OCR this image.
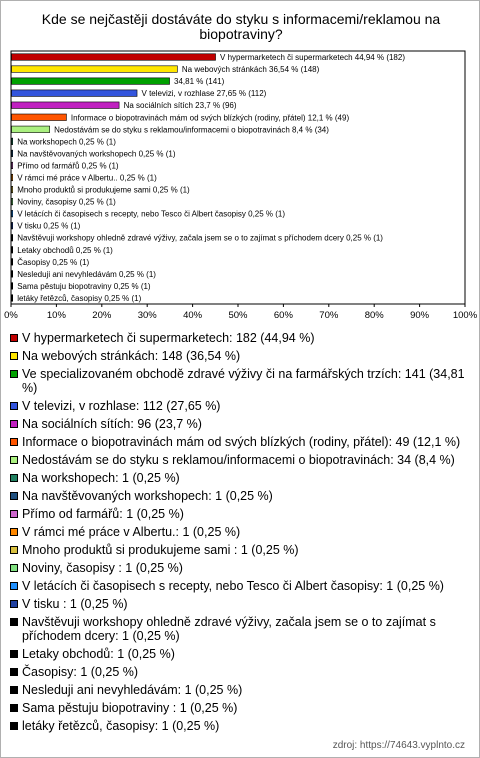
Kde se nejčastěji dostáváte do styku s informacemi/reklamou na biopotraviny?
V hypermarketech či supermarketech 44,94 % (182)
Na webových stránkách 36,54 % (148)
34,81 % (141)
V televizi, v rozhlase 27,65 % (112)
Na sociálních sítích 23,7 % (96)
Informace o biopotravinách mám od svých blízkých (rodiny, přátel) 12,1 % (49)
Nedostávám se do styku s reklamou/informacemi o biopotravinách 8,4 % (34)
Na workshopech 0,25 % (1)
Na navštěvovaných workshopech 0,25 % (1)
Přímo od farmářů 0,25 % (1)
V rámci mé práce v Albertu.. 0,25 % (1)
Mnoho produktů si produkujeme sami 0,25 % (1)
Noviny, časopisy 0,25 % (1)
V letácích či časopisech s recepty, nebo Tesco či Albert časopisy 0,25 % (1)
V tisku 0,25 % (1)
Navštěvuji workshopy ohledně zdravé výživy, začala jsem se o to zajímat s příchodem dcery 0,25 % (1)
Letaky obchodů 0,25 % (1)
Časopisy 0,25 % (1)
Nesleduji ani nevyhledávám 0,25 % (1)
Sama pěstuju biopotraviny 0,25 % (1)
letáky řetězců, časopisy 0,25 % (1)
0%	10%	20%	30%	40%	50%	60%	70%	80%	90% 100%
V hypermarketech či supermarketech: 182 (44,94 %)
Na webových stránkách: 148 (36,54 %)
Ve specializovaném obchodě zdravé výživy či na farmářských trzích: 141 (34,81 %)
V televizi, v rozhlase: 112 (27,65 %)
Na sociálních sítích: 96 (23,7 %)
Informace o biopotravinách mám od svých blízkých (rodiny, přátel): 49 (12,1 %)
Nedostávám se do styku s reklamou/informacemi o biopotravinách: 34 (8,4 %)
Na workshopech: 1 (0,25 %)
Na navštěvovaných workshopech: 1 (0,25 %)
Přímo od farmářů: 1 (0,25 %)
V rámci mé práce v Albertu.: 1 (0,25 %)
Mnoho produktů si produkujeme sami : 1 (0,25 %)
Noviny, časopisy : 1 (0,25 %)
V letácích či časopisech s recepty, nebo Tesco či Albert časopisy: 1 (0,25 %)
V tisku : 1 (0,25 %)
Navštěvuji workshopy ohledně zdravé výživy, začala jsem se o to zajímat s příchodem dcery: 1 (0,25 %)
Letaky obchodů: 1 (0,25 %)
Časopisy: 1 (0,25 %)
Nesleduji ani nevyhledávám: 1 (0,25 %)
Sama pěstuju biopotraviny : 1 (0,25 %)
letáky řetězců, časopisy: 1 (0,25 %)
zdroj: https://74643.vyplnto.cz
